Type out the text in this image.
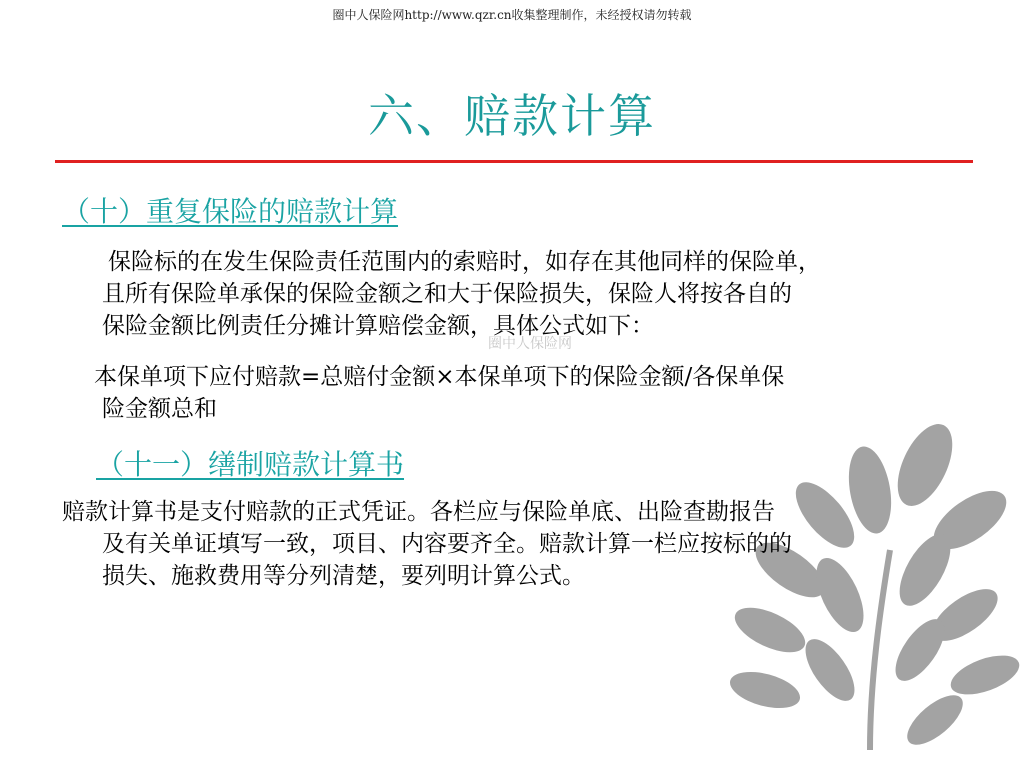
圈中人保险网http://www.qzr.cn收集整理制作，未经授权请勿转载
六、赔款计算
（十）重复保险的赔款计算
保险标的在发生保险责任范围内的索赔时，如存在其他同样的保险单，
且所有保险单承保的保险金额之和大于保险损失，保险人将按各自的
保险金额比例责任分摊计算赔偿金额，具体公式如下：
本保单项下应付赔款=总赔付金额×本保单项下的保险金额/各保单保
险金额总和
圈中人保险网
（十一）缮制赔款计算书
赔款计算书是支付赔款的正式凭证。各栏应与保险单底、出险查勘报告
及有关单证填写一致，项目、内容要齐全。赔款计算一栏应按标的的
损失、施救费用等分列清楚，要列明计算公式。
